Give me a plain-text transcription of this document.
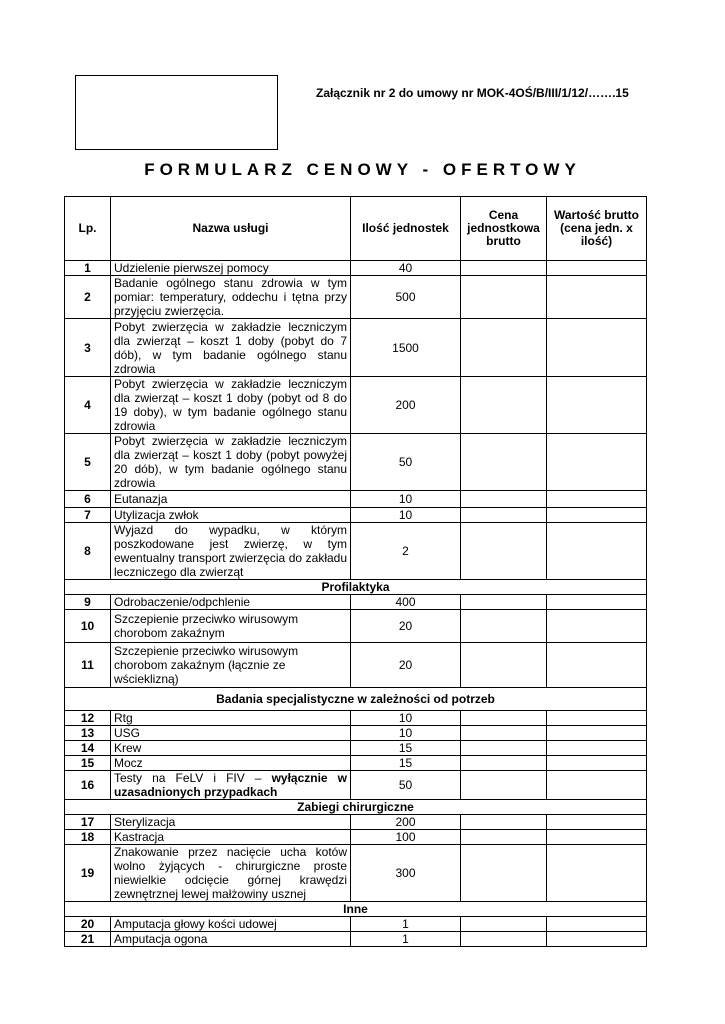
Załącznik nr 2 do umowy nr MOK-4OŚ/B/III/1/12/…….15
FORMULARZ CENOWY - OFERTOWY
Lp.	Nazwa usługi	Ilość jednostek	Cena jednostkowa brutto	Wartość brutto (cena jedn. x ilość)
1	Udzielenie pierwszej pomocy	40		
2	Badanie ogólnego stanu zdrowia w tym pomiar: temperatury, oddechu i tętna przy przyjęciu zwierzęcia.	500		
3	Pobyt zwierzęcia w zakładzie leczniczym dla zwierząt – koszt 1 doby (pobyt do 7 dób), w tym badanie ogólnego stanu zdrowia	1500		
4	Pobyt zwierzęcia w zakładzie leczniczym dla zwierząt – koszt 1 doby (pobyt od 8 do 19 doby), w tym badanie ogólnego stanu zdrowia	200		
5	Pobyt zwierzęcia w zakładzie leczniczym dla zwierząt – koszt 1 doby (pobyt powyżej 20 dób), w tym badanie ogólnego stanu zdrowia	50		
6	Eutanazja	10		
7	Utylizacja zwłok	10		
8	Wyjazd do wypadku, w którym poszkodowane jest zwierzę, w tym ewentualny transport zwierzęcia do zakładu leczniczego dla zwierząt	2		
Profilaktyka				
9	Odrobaczenie/odpchlenie	400		
10	Szczepienie przeciwko wirusowym chorobom zakaźnym	20		
11	Szczepienie przeciwko wirusowym chorobom zakaźnym (łącznie ze wścieklizną)	20		
Badania specjalistyczne w zależności od potrzeb				
12	Rtg	10		
13	USG	10		
14	Krew	15		
15	Mocz	15		
16	Testy na FeLV i FIV – wyłącznie w uzasadnionych przypadkach	50		
Zabiegi chirurgiczne				
17	Sterylizacja	200		
18	Kastracja	100		
19	Znakowanie przez nacięcie ucha kotów wolno żyjących - chirurgiczne proste niewielkie odcięcie górnej krawędzi zewnętrznej lewej małżowiny usznej	300		
Inne				
20	Amputacja głowy kości udowej	1		
21	Amputacja ogona	1		
